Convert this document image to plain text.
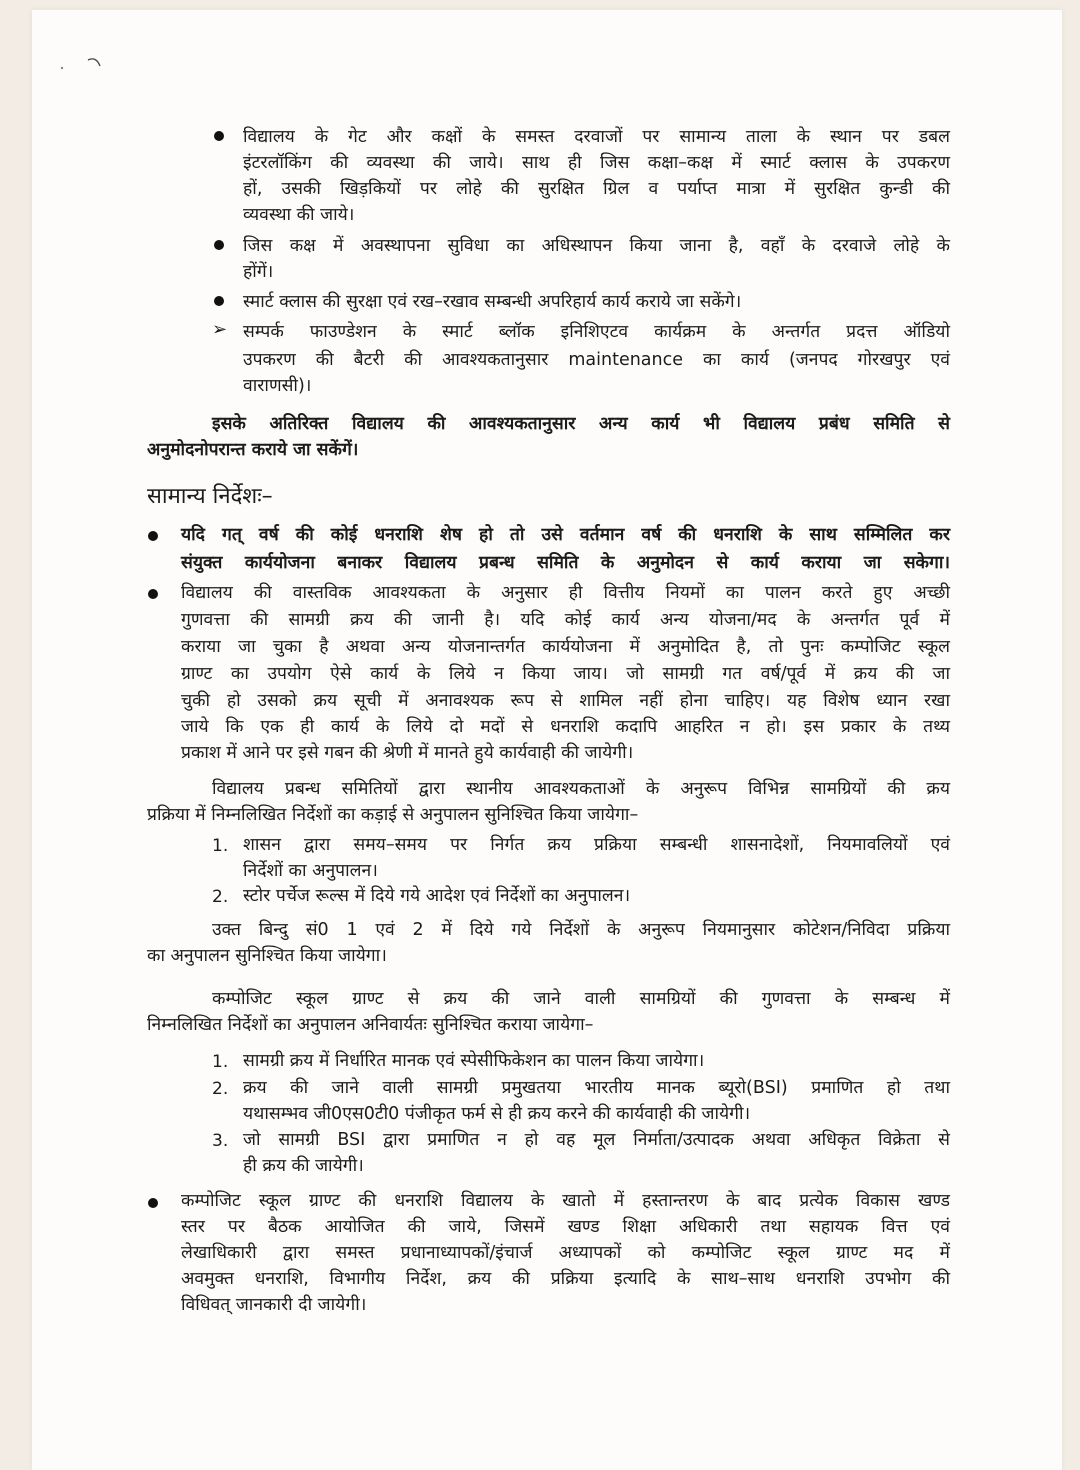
विद्यालय के गेट और कक्षों के समस्त दरवाजों पर सामान्य ताला के स्थान पर डबल
इंटरलॉकिंग की व्यवस्था की जाये। साथ ही जिस कक्षा–कक्ष में स्मार्ट क्लास के उपकरण
हों, उसकी खिड़कियों पर लोहे की सुरक्षित ग्रिल व पर्याप्त मात्रा में सुरक्षित कुन्डी की
व्यवस्था की जाये।
जिस कक्ष में अवस्थापना सुविधा का अधिस्थापन किया जाना है, वहाँ के दरवाजे लोहे के
होंगें।
स्मार्ट क्लास की सुरक्षा एवं रख–रखाव सम्बन्धी अपरिहार्य कार्य कराये जा सकेंगे।
➢ सम्पर्क फाउण्डेशन के स्मार्ट ब्लॉक इनिशिएटव कार्यक्रम के अन्तर्गत प्रदत्त ऑडियो
उपकरण की बैटरी की आवश्यकतानुसार maintenance का कार्य (जनपद गोरखपुर एवं
वाराणसी)।
इसके अतिरिक्त विद्यालय की आवश्यकतानुसार अन्य कार्य भी विद्यालय प्रबंध समिति से
अनुमोदनोपरान्त कराये जा सकेंगें।
सामान्य निर्देशः–
यदि गत् वर्ष की कोई धनराशि शेष हो तो उसे वर्तमान वर्ष की धनराशि के साथ सम्मिलित कर
संयुक्त कार्ययोजना बनाकर विद्यालय प्रबन्ध समिति के अनुमोदन से कार्य कराया जा सकेगा।
विद्यालय की वास्तविक आवश्यकता के अनुसार ही वित्तीय नियमों का पालन करते हुए अच्छी
गुणवत्ता की सामग्री क्रय की जानी है। यदि कोई कार्य अन्य योजना/मद के अन्तर्गत पूर्व में
कराया जा चुका है अथवा अन्य योजनान्तर्गत कार्ययोजना में अनुमोदित है, तो पुनः कम्पोजिट स्कूल
ग्राण्ट का उपयोग ऐसे कार्य के लिये न किया जाय। जो सामग्री गत वर्ष/पूर्व में क्रय की जा
चुकी हो उसको क्रय सूची में अनावश्यक रूप से शामिल नहीं होना चाहिए। यह विशेष ध्यान रखा
जाये कि एक ही कार्य के लिये दो मदों से धनराशि कदापि आहरित न हो। इस प्रकार के तथ्य
प्रकाश में आने पर इसे गबन की श्रेणी में मानते हुये कार्यवाही की जायेगी।
विद्यालय प्रबन्ध समितियों द्वारा स्थानीय आवश्यकताओं के अनुरूप विभिन्न सामग्रियों की क्रय
प्रक्रिया में निम्नलिखित निर्देशों का कड़ाई से अनुपालन सुनिश्चित किया जायेगा–
1. शासन द्वारा समय–समय पर निर्गत क्रय प्रक्रिया सम्बन्धी शासनादेशों, नियमावलियों एवं
निर्देशों का अनुपालन।
2. स्टोर पर्चेज रूल्स में दिये गये आदेश एवं निर्देशों का अनुपालन।
उक्त बिन्दु सं0 1 एवं 2 में दिये गये निर्देशों के अनुरूप नियमानुसार कोटेशन/निविदा प्रक्रिया
का अनुपालन सुनिश्चित किया जायेगा।
कम्पोजिट स्कूल ग्राण्ट से क्रय की जाने वाली सामग्रियों की गुणवत्ता के सम्बन्ध में
निम्नलिखित निर्देशों का अनुपालन अनिवार्यतः सुनिश्चित कराया जायेगा–
1. सामग्री क्रय में निर्धारित मानक एवं स्पेसीफिकेशन का पालन किया जायेगा।
2. क्रय की जाने वाली सामग्री प्रमुखतया भारतीय मानक ब्यूरो(BSI) प्रमाणित हो तथा
यथासम्भव जी0एस0टी0 पंजीकृत फर्म से ही क्रय करने की कार्यवाही की जायेगी।
3. जो सामग्री BSI द्वारा प्रमाणित न हो वह मूल निर्माता/उत्पादक अथवा अधिकृत विक्रेता से
ही क्रय की जायेगी।
कम्पोजिट स्कूल ग्राण्ट की धनराशि विद्यालय के खातो में हस्तान्तरण के बाद प्रत्येक विकास खण्ड
स्तर पर बैठक आयोजित की जाये, जिसमें खण्ड शिक्षा अधिकारी तथा सहायक वित्त एवं
लेखाधिकारी द्वारा समस्त प्रधानाध्यापकों/इंचार्ज अध्यापकों को कम्पोजिट स्कूल ग्राण्ट मद में
अवमुक्त धनराशि, विभागीय निर्देश, क्रय की प्रक्रिया इत्यादि के साथ–साथ धनराशि उपभोग की
विधिवत् जानकारी दी जायेगी।
